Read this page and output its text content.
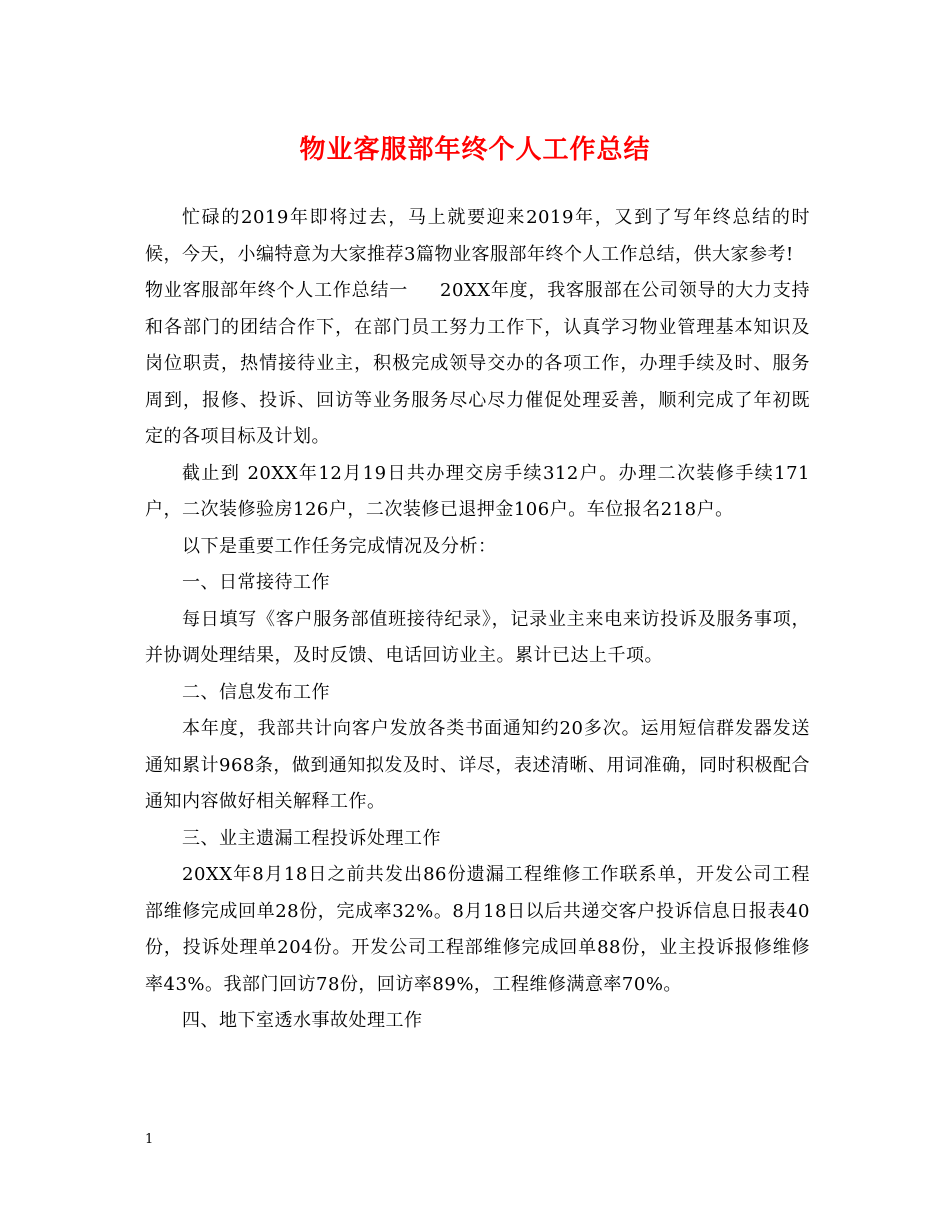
物业客服部年终个人工作总结

忙碌的2019年即将过去，马上就要迎来2019年，又到了写年终总结的时候，今天，小编特意为大家推荐3篇物业客服部年终个人工作总结，供大家参考!

物业客服部年终个人工作总结一 20XX年度，我客服部在公司领导的大力支持和各部门的团结合作下，在部门员工努力工作下，认真学习物业管理基本知识及岗位职责，热情接待业主，积极完成领导交办的各项工作，办理手续及时、服务周到，报修、投诉、回访等业务服务尽心尽力催促处理妥善，顺利完成了年初既定的各项目标及计划。

截止到 20XX年12月19日共办理交房手续312户。办理二次装修手续171户，二次装修验房126户，二次装修已退押金106户。车位报名218户。

以下是重要工作任务完成情况及分析：

一、日常接待工作

每日填写《客户服务部值班接待纪录》，记录业主来电来访投诉及服务事项，并协调处理结果，及时反馈、电话回访业主。累计已达上千项。

二、信息发布工作

本年度，我部共计向客户发放各类书面通知约20多次。运用短信群发器发送通知累计968条，做到通知拟发及时、详尽，表述清晰、用词准确，同时积极配合通知内容做好相关解释工作。

三、业主遗漏工程投诉处理工作

20XX年8月18日之前共发出86份遗漏工程维修工作联系单，开发公司工程部维修完成回单28份，完成率32%。8月18日以后共递交客户投诉信息日报表40份，投诉处理单204份。开发公司工程部维修完成回单88份，业主投诉报修维修率43%。我部门回访78份，回访率89%，工程维修满意率70%。

四、地下室透水事故处理工作

1
